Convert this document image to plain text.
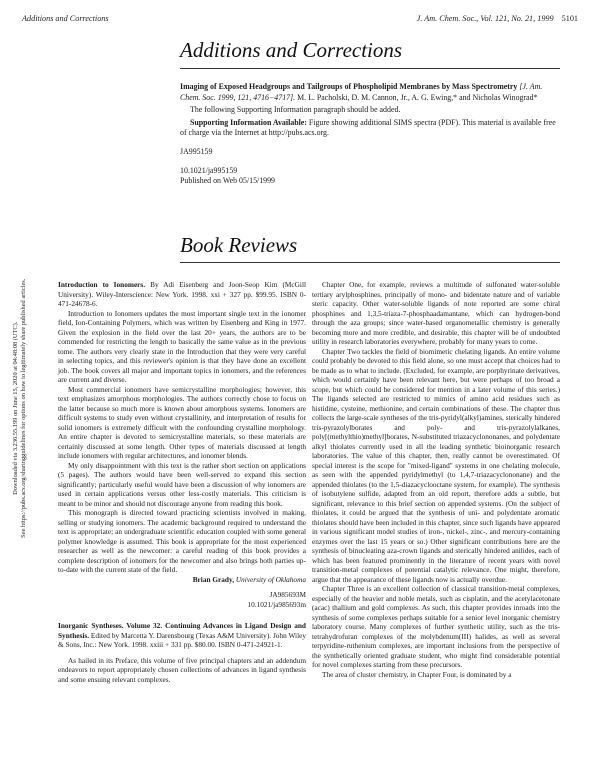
Additions and Corrections	J. Am. Chem. Soc., Vol. 121, No. 21, 1999 5101
Downloaded via 3.236.55.199 on June 15, 2020 at 04:48:08 (UTC). See https://pubs.acs.org/sharingguidelines for options on how to legitimately share published articles.
Additions and Corrections

Imaging of Exposed Headgroups and Tailgroups of Phospholipid Membranes by Mass Spectrometry [J. Am. Chem. Soc. 1999, 121, 4716−4717]. M. L. Pacholski, D. M. Cannon, Jr., A. G. Ewing,* and Nicholas Winograd*

The following Supporting Information paragraph should be added.

Supporting Information Available: Figure showing additional SIMS spectra (PDF). This material is available free of charge via the Internet at http://pubs.acs.org.

JA995159

10.1021/ja995159

Published on Web 05/15/1999

Book Reviews

Introduction to Ionomers. By Adi Eisenberg and Joon-Seop Kim (McGill University). Wiley-Interscience: New York. 1998. xxi + 327 pp. $99.95. ISBN 0-471-24678-6.

Introduction to Ionomers updates the most important single text in the ionomer field, Ion-Containing Polymers, which was written by Eisenberg and King in 1977. Given the explosion in the field over the last 20+ years, the authors are to be commended for restricting the length to basically the same value as in the previous tome. The authors very clearly state in the Introduction that they were very careful in selecting topics, and this reviewer's opinion is that they have done an excellent job. The book covers all major and important topics in ionomers, and the references are current and diverse.

Most commercial ionomers have semicrystalline morphologies; however, this text emphasizes amorphous morphologies. The authors correctly chose to focus on the latter because so much more is known about amorphous systems. Ionomers are difficult systems to study even without crystallinity, and interpretation of results for solid ionomers is extremely difficult with the confounding crystalline morphology. An entire chapter is devoted to semicrystalline materials, so these materials are certainly discussed at some length. Other types of materials discussed at length include ionomers with regular architectures, and ionomer blends.

My only disappointment with this text is the rather short section on applications (5 pages). The authors would have been well-served to expand this section significantly; particularly useful would have been a discussion of why ionomers are used in certain applications versus other less-costly materials. This criticism is meant to be minor and should not discourage anyone from reading this book.

This monograph is directed toward practicing scientists involved in making, selling or studying ionomers. The academic background required to understand the text is appropriate; an undergraduate scientific education coupled with some general polymer knowledge is assumed. This book is appropriate for the most experienced researcher as well as the newcomer: a careful reading of this book provides a complete description of ionomers for the newcomer and also brings both parties up-to-date with the current state of the field.

Brian Grady, University of Oklahoma

JA985693M

10.1021/ja985693m

Inorganic Syntheses. Volume 32. Continuing Advances in Ligand Design and Synthesis. Edited by Marcetta Y. Darensbourg (Texas A&M University). John Wiley & Sons, Inc.: New York. 1998. xxiii + 331 pp. $80.00. ISBN 0-471-24921-1.

As hailed in its Preface, this volume of five principal chapters and an addendum endeavors to report appropriately chosen collections of advances in ligand synthesis and some ensuing relevant complexes.

Chapter One, for example, reviews a multitude of sulfonated water-soluble tertiary arylphosphines, principally of mono- and bidentate nature and of variable steric capacity. Other water-soluble ligands of note reported are some chiral phosphines and 1,3,5-triaza-7-phosphaadamantane, which can hydrogen-bond through the aza groups; since water-based organometallic chemistry is generally becoming more and more credible, and desirable, this chapter will be of undoubted utility in research laboratories everywhere, probably for many years to come.

Chapter Two tackles the field of biomimetic chelating ligands. An entire volume could probably be devoted to this field alone, so one must accept that choices had to be made as to what to include. (Excluded, for example, are porphyrinate derivatives, which would certainly have been relevant here, but were perhaps of too broad a scope, but which could be considered for mention in a later volume of this series.) The ligands selected are restricted to mimics of amino acid residues such as histidine, cysteine, methionine, and certain combinations of these. The chapter thus collects the large-scale syntheses of the tris-pyridyl(alkyl)amines, sterically hindered tris-pyrazolylborates and poly- and tris-pyrazolylalkanes, poly[(methylthio)methyl]borates, N-substituted triazacyclononanes, and polydentate alkyl thiolates currently used in all the leading synthetic bioinorganic research laboratories. The value of this chapter, then, really cannot be overestimated. Of special interest is the scope for "mixed-ligand" systems in one chelating molecule, as seen with the appended pyridylmethyl (to 1,4,7-triazacyclononane) and the appended thiolates (to the 1,5-diazacyclooctane system, for example). The synthesis of isobutylene sulfide, adapted from an old report, therefore adds a subtle, but significant, relevance to this brief section on appended systems. (On the subject of thiolates, it could be argued that the synthesis of uni- and polydentate aromatic thiolates should have been included in this chapter, since such ligands have appeared in various significant model studies of iron-, nickel-, zinc-, and mercury-containing enzymes over the last 15 years or so.) Other significant contributions here are the synthesis of binucleating aza-crown ligands and sterically hindered anilides, each of which has been featured prominently in the literature of recent years with novel transition-metal complexes of potential catalytic relevance. One might, therefore, argue that the appearance of these ligands now is actually overdue.

Chapter Three is an excellent collection of classical transition-metal complexes, especially of the heavier and noble metals, such as cisplatin, and the acetylacetonate (acac) thallium and gold complexes. As such, this chapter provides inroads into the synthesis of some complexes perhaps suitable for a senior level inorganic chemistry laboratory course. Many complexes of further synthetic utility, such as the tris-tetrahydrofuran complexes of the molybdenum(III) halides, as well as several terpyridine-ruthenium complexes, are important inclusions from the perspective of the synthetically oriented graduate student, who might find considerable potential for novel complexes starting from these precursors.

The area of cluster chemistry, in Chapter Four, is dominated by a
